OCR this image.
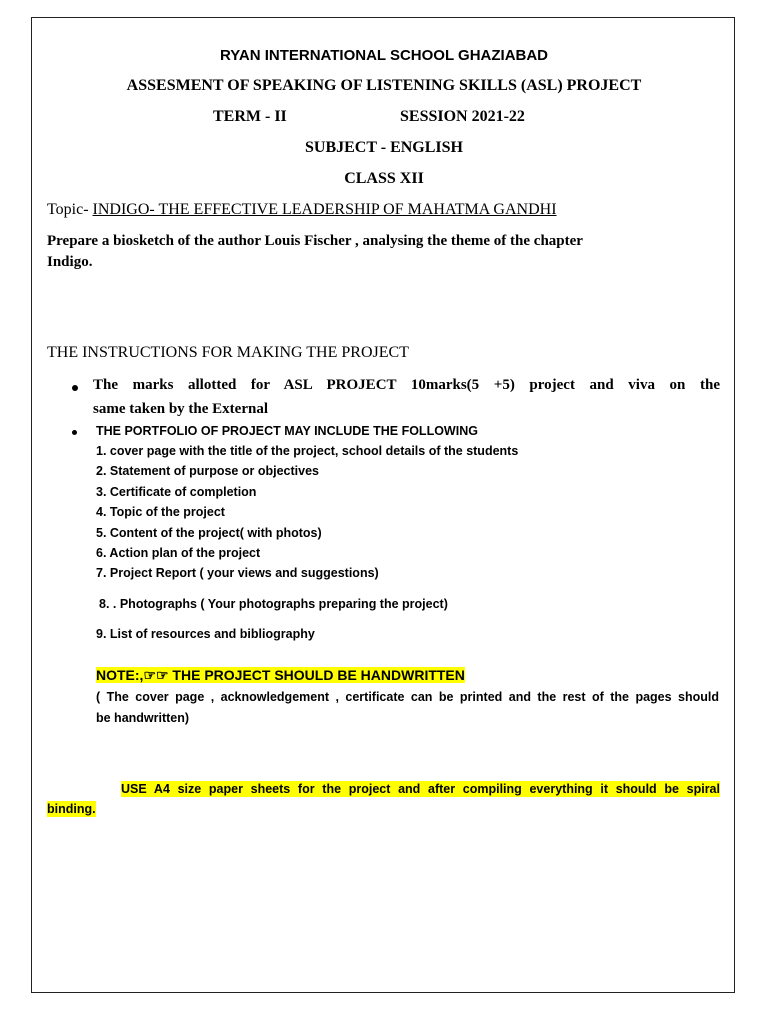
RYAN INTERNATIONAL SCHOOL GHAZIABAD
ASSESMENT OF SPEAKING OF LISTENING SKILLS (ASL) PROJECT
TERM - II	SESSION 2021-22
SUBJECT - ENGLISH
CLASS XII
Topic- INDIGO- THE EFFECTIVE LEADERSHIP OF MAHATMA GANDHI
Prepare a biosketch of the author Louis Fischer , analysing the theme of the chapter
Indigo.
THE INSTRUCTIONS FOR MAKING THE PROJECT
The marks allotted for ASL PROJECT 10marks(5 +5) project and viva on the
same taken by the External
THE PORTFOLIO OF PROJECT MAY INCLUDE THE FOLLOWING
1. cover page with the title of the project, school details of the students
2. Statement of purpose or objectives
3. Certificate of completion
4. Topic of the project
5. Content of the project( with photos)
6. Action plan of the project
7. Project Report ( your views and suggestions)
8. . Photographs ( Your photographs preparing the project)
9. List of resources and bibliography
NOTE:,☞☞ THE PROJECT SHOULD BE HANDWRITTEN
( The cover page , acknowledgement , certificate can be printed and the rest of the pages should
be handwritten)
USE A4 size paper sheets for the project and after compiling everything it should be spiral
binding.
